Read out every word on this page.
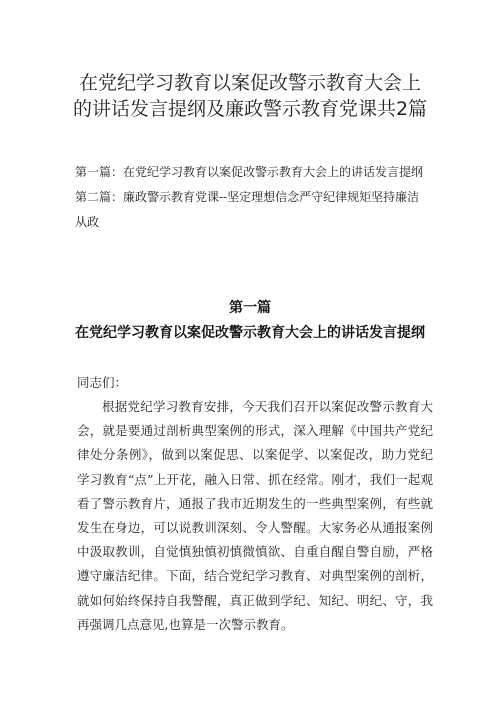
在党纪学习教育以案促改警示教育大会上
的讲话发言提纲及廉政警示教育党课共2篇

第一篇：在党纪学习教育以案促改警示教育大会上的讲话发言提纲

第二篇：廉政警示教育党课--坚定理想信念严守纪律规矩坚持廉洁从政

第一篇
在党纪学习教育以案促改警示教育大会上的讲话发言提纲
同志们：

根据党纪学习教育安排，今天我们召开以案促改警示教育大会，就是要通过剖析典型案例的形式，深入理解《中国共产党纪律处分条例》，做到以案促思、以案促学、以案促改，助力党纪学习教育“点”上开花，融入日常、抓在经常。刚才，我们一起观看了警示教育片，通报了我市近期发生的一些典型案例，有些就发生在身边，可以说教训深刻、令人警醒。大家务必从通报案例中汲取教训，自觉慎独慎初慎微慎欲、自重自醒自警自励，严格遵守廉洁纪律。下面，结合党纪学习教育、对典型案例的剖析，就如何始终保持自我警醒，真正做到学纪、知纪、明纪、守，我再强调几点意见,也算是一次警示教育。
